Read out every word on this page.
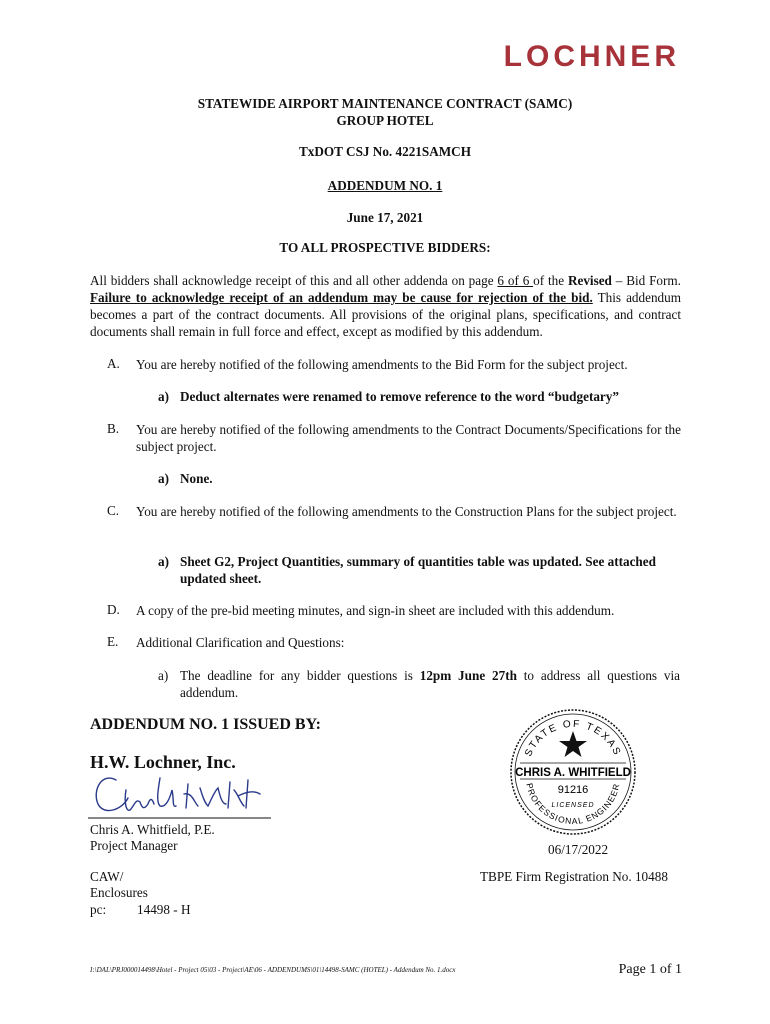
LOCHNER
STATEWIDE AIRPORT MAINTENANCE CONTRACT (SAMC)
GROUP HOTEL
TxDOT CSJ No. 4221SAMCH
ADDENDUM NO. 1
June 17, 2021
TO ALL PROSPECTIVE BIDDERS:
All bidders shall acknowledge receipt of this and all other addenda on page 6 of 6 of the Revised – Bid Form. Failure to acknowledge receipt of an addendum may be cause for rejection of the bid. This addendum becomes a part of the contract documents. All provisions of the original plans, specifications, and contract documents shall remain in full force and effect, except as modified by this addendum.
A. You are hereby notified of the following amendments to the Bid Form for the subject project.
a) Deduct alternates were renamed to remove reference to the word “budgetary”
B. You are hereby notified of the following amendments to the Contract Documents/Specifications for the subject project.
a) None.
C. You are hereby notified of the following amendments to the Construction Plans for the subject project.
a) Sheet G2, Project Quantities, summary of quantities table was updated. See attached updated sheet.
D. A copy of the pre-bid meeting minutes, and sign-in sheet are included with this addendum.
E. Additional Clarification and Questions:
a) The deadline for any bidder questions is 12pm June 27th to address all questions via addendum.
ADDENDUM NO. 1 ISSUED BY:
H.W. Lochner, Inc.
Chris A. Whitfield, P.E.
Project Manager
CAW/
Enclosures
pc: 14498 - H
06/17/2022
TBPE Firm Registration No. 10488
STATE OF TEXAS
CHRIS A. WHITFIELD
91216
LICENSED
PROFESSIONAL ENGINEER
I:\DAL\PRJ000014498\Hotel - Project 05\03 - Project\AE\06 - ADDENDUMS\01\14498-SAMC (HOTEL) - Addendum No. 1.docx	Page 1 of 1
